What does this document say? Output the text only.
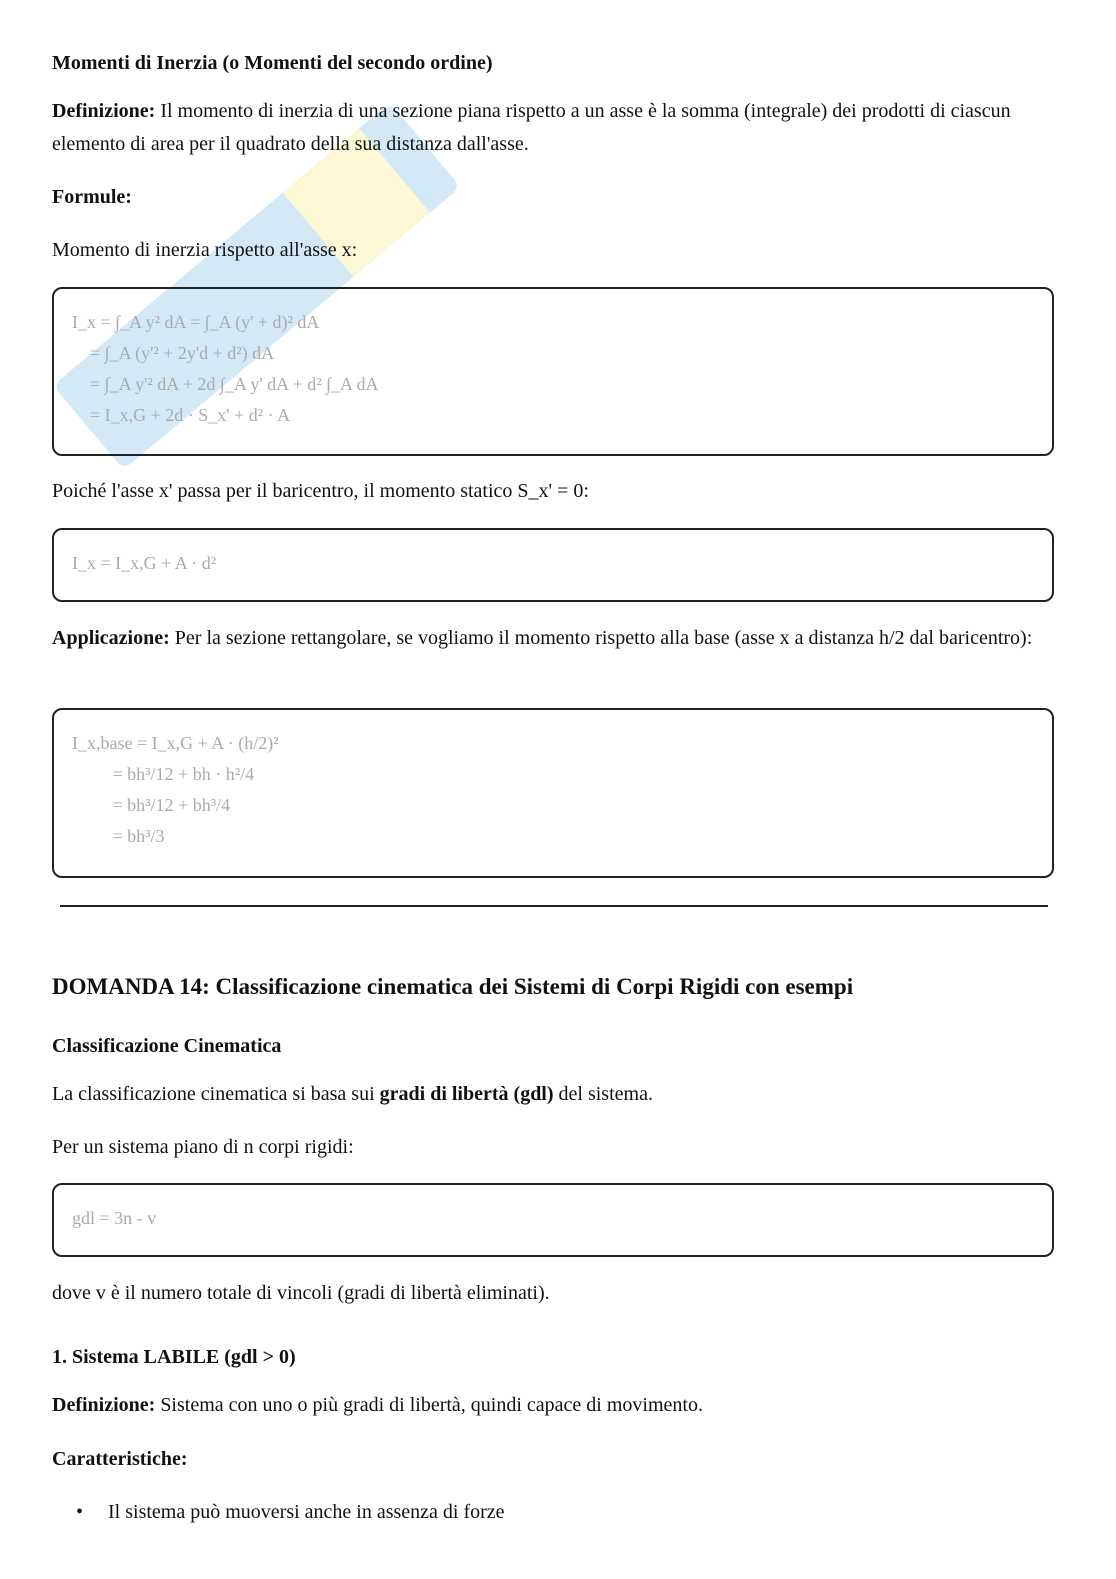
Momenti di Inerzia (o Momenti del secondo ordine)

Definizione: Il momento di inerzia di una sezione piana rispetto a un asse è la somma (integrale) dei prodotti di ciascun elemento di area per il quadrato della sua distanza dall'asse.

Formule:

Momento di inerzia rispetto all'asse x:

I_x = ∫_A y² dA = ∫_A (y' + d)² dA
= ∫_A (y'² + 2y'd + d²) dA
= ∫_A y'² dA + 2d ∫_A y' dA + d² ∫_A dA
= I_x,G + 2d · S_x' + d² · A

Poiché l'asse x' passa per il baricentro, il momento statico S_x' = 0:

I_x = I_x,G + A · d²

Applicazione: Per la sezione rettangolare, se vogliamo il momento rispetto alla base (asse x a distanza h/2 dal baricentro):

I_x,base = I_x,G + A · (h/2)²
= bh³/12 + bh · h²/4
= bh³/12 + bh³/4
= bh³/3

DOMANDA 14: Classificazione cinematica dei Sistemi di Corpi Rigidi con esempi

Classificazione Cinematica

La classificazione cinematica si basa sui gradi di libertà (gdl) del sistema.

Per un sistema piano di n corpi rigidi:

gdl = 3n - v

dove v è il numero totale di vincoli (gradi di libertà eliminati).

1. Sistema LABILE (gdl > 0)

Definizione: Sistema con uno o più gradi di libertà, quindi capace di movimento.

Caratteristiche:

•     Il sistema può muoversi anche in assenza di forze
